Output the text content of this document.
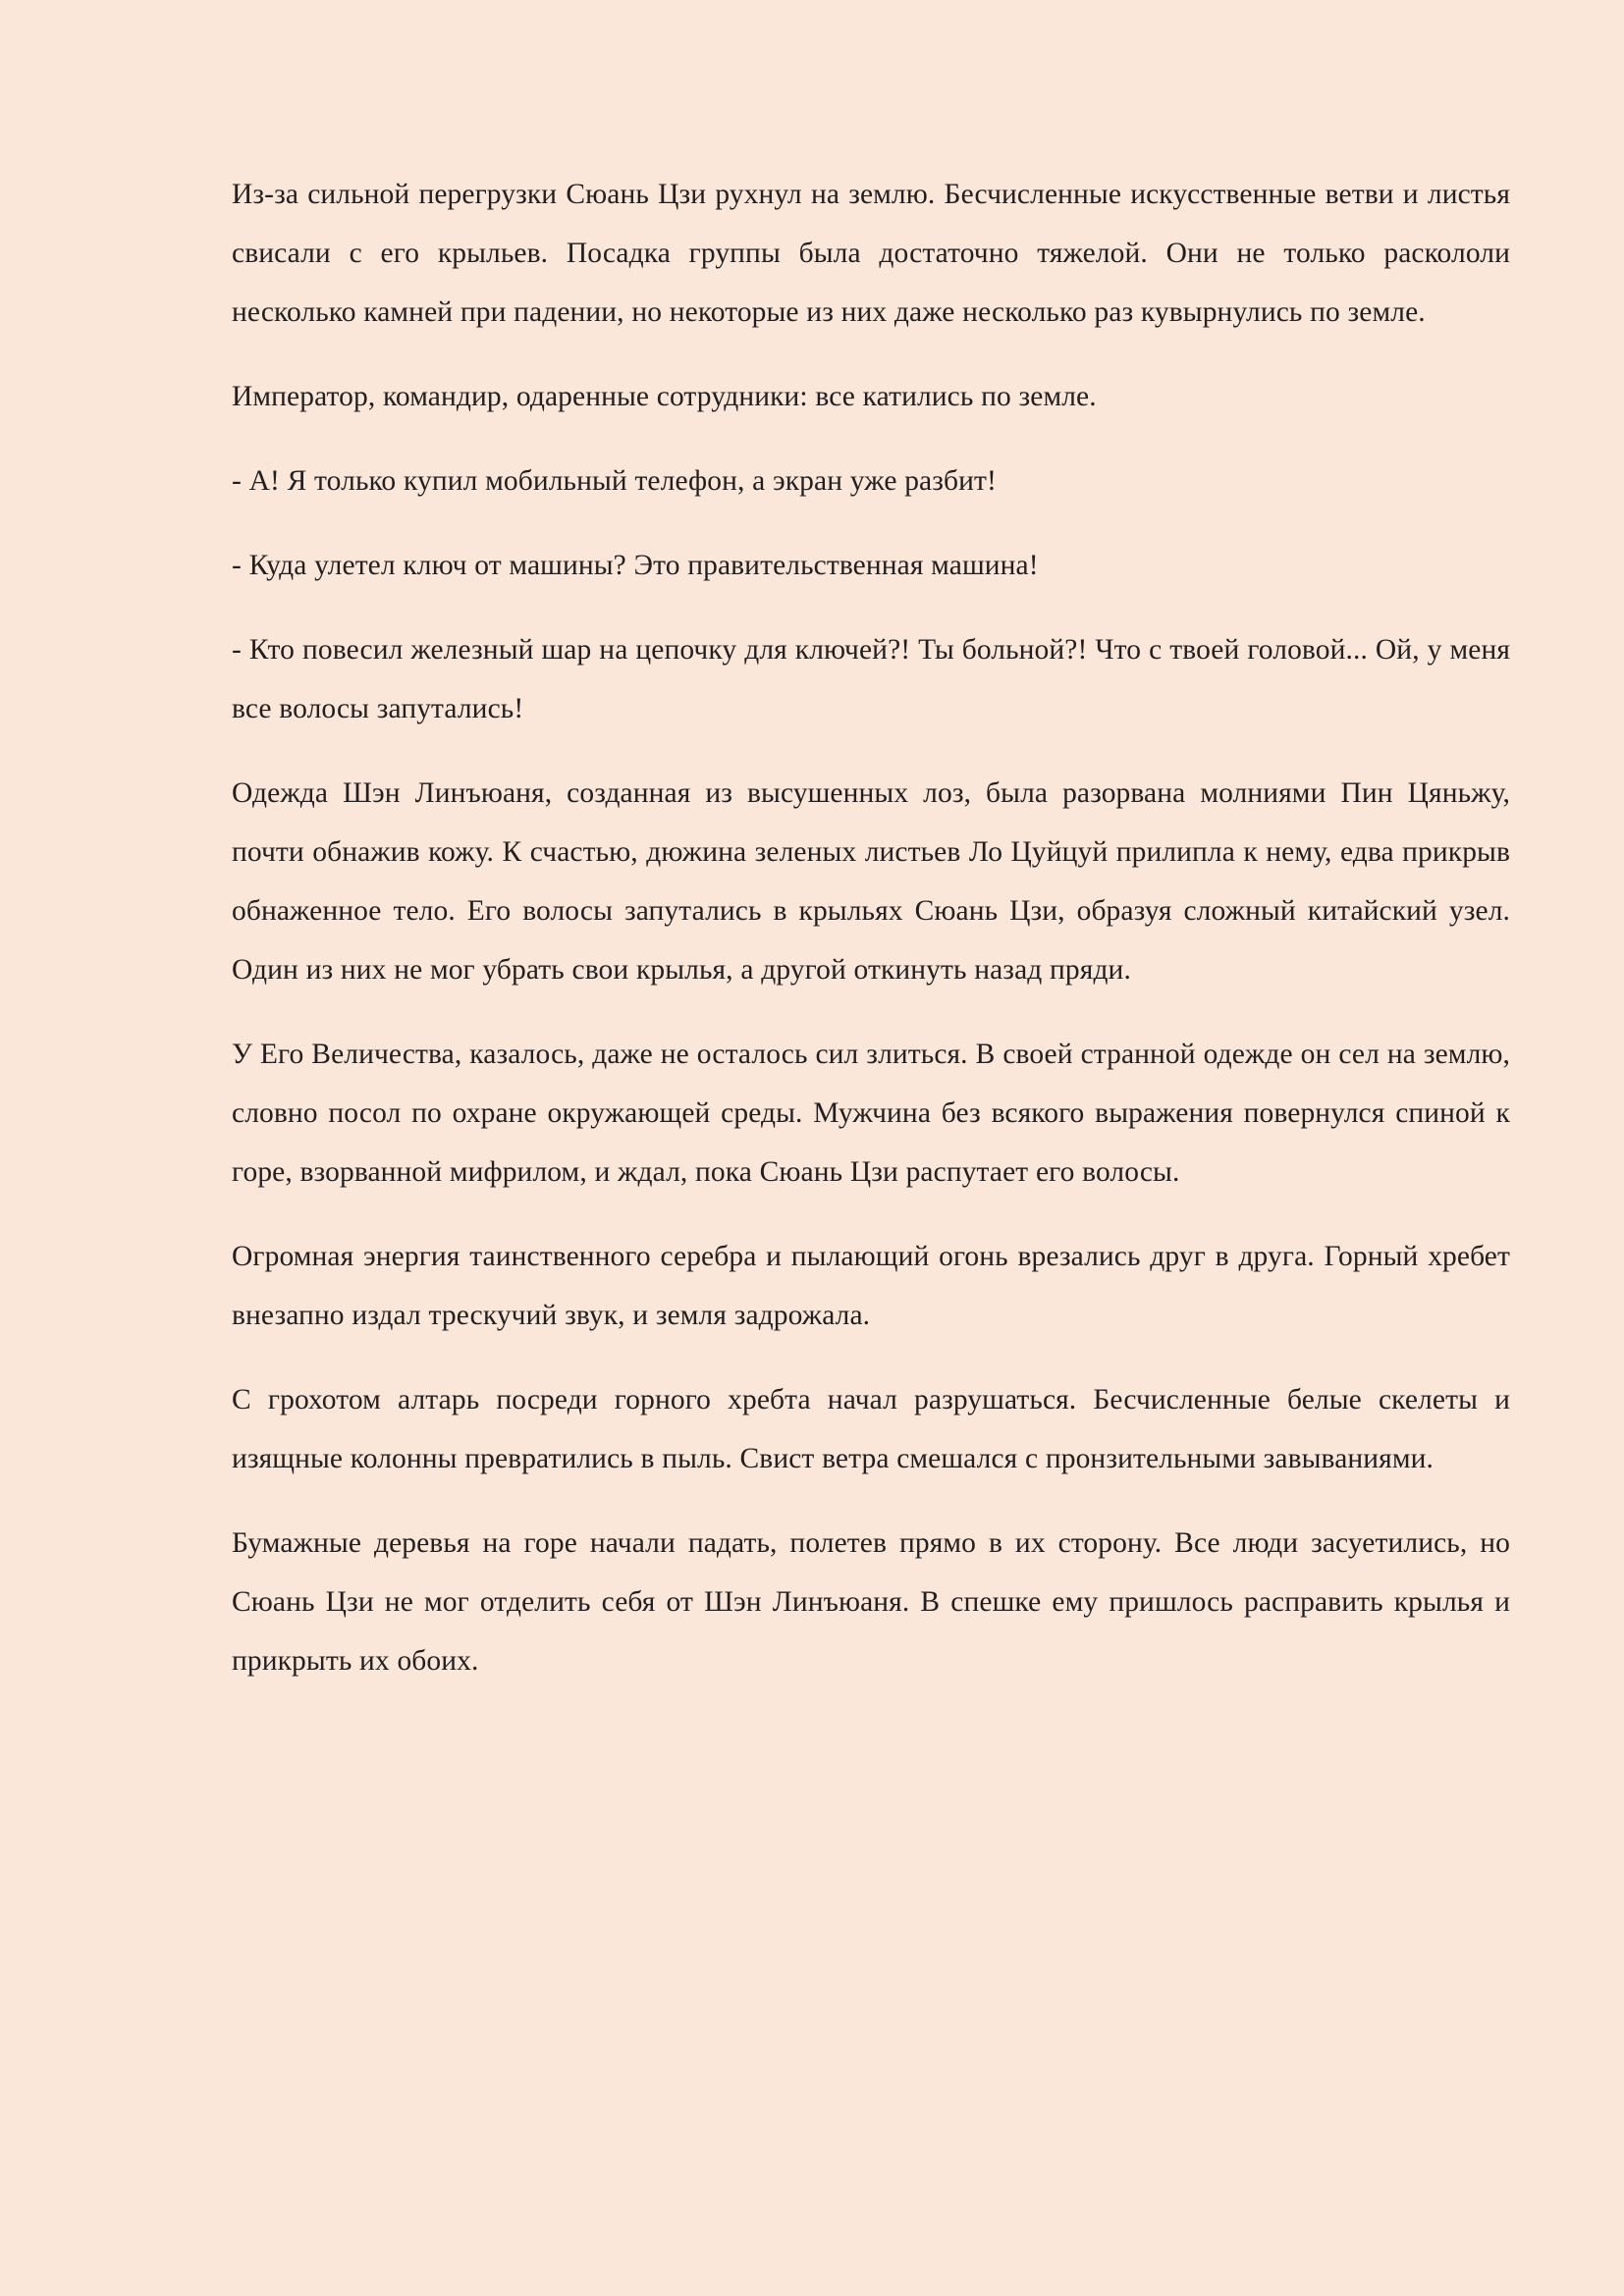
Из-за сильной перегрузки Сюань Цзи рухнул на землю. Бесчисленные искусственные ветви и листья свисали с его крыльев. Посадка группы была достаточно тяжелой. Они не только раскололи несколько камней при падении, но некоторые из них даже несколько раз кувырнулись по земле.

Император, командир, одаренные сотрудники: все катились по земле.

- А! Я только купил мобильный телефон, а экран уже разбит!

- Куда улетел ключ от машины? Это правительственная машина!

- Кто повесил железный шар на цепочку для ключей?! Ты больной?! Что с твоей головой... Ой, у меня все волосы запутались!

Одежда Шэн Линъюаня, созданная из высушенных лоз, была разорвана молниями Пин Цяньжу, почти обнажив кожу. К счастью, дюжина зеленых листьев Ло Цуйцуй прилипла к нему, едва прикрыв обнаженное тело. Его волосы запутались в крыльях Сюань Цзи, образуя сложный китайский узел. Один из них не мог убрать свои крылья, а другой откинуть назад пряди.

У Его Величества, казалось, даже не осталось сил злиться. В своей странной одежде он сел на землю, словно посол по охране окружающей среды. Мужчина без всякого выражения повернулся спиной к горе, взорванной мифрилом, и ждал, пока Сюань Цзи распутает его волосы.

Огромная энергия таинственного серебра и пылающий огонь врезались друг в друга. Горный хребет внезапно издал трескучий звук, и земля задрожала.

С грохотом алтарь посреди горного хребта начал разрушаться. Бесчисленные белые скелеты и изящные колонны превратились в пыль. Свист ветра смешался с пронзительными завываниями.

Бумажные деревья на горе начали падать, полетев прямо в их сторону. Все люди засуетились, но Сюань Цзи не мог отделить себя от Шэн Линъюаня. В спешке ему пришлось расправить крылья и прикрыть их обоих.
